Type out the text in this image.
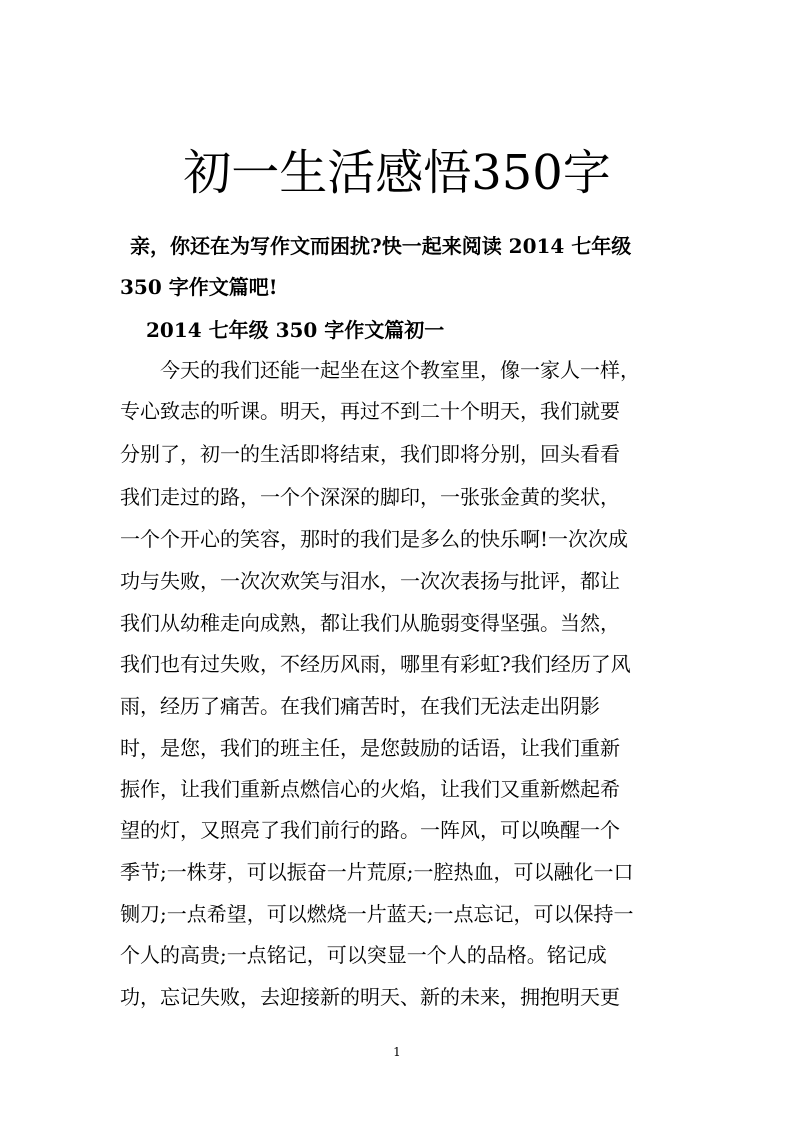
初一生活感悟350字
亲，你还在为写作文而困扰?快一起来阅读 2014 七年级
350 字作文篇吧!
2014 七年级 350 字作文篇初一
今天的我们还能一起坐在这个教室里，像一家人一样，
专心致志的听课。明天，再过不到二十个明天，我们就要
分别了，初一的生活即将结束，我们即将分别，回头看看
我们走过的路，一个个深深的脚印，一张张金黄的奖状，
一个个开心的笑容，那时的我们是多么的快乐啊!一次次成
功与失败，一次次欢笑与泪水，一次次表扬与批评，都让
我们从幼稚走向成熟，都让我们从脆弱变得坚强。当然，
我们也有过失败，不经历风雨，哪里有彩虹?我们经历了风
雨，经历了痛苦。在我们痛苦时，在我们无法走出阴影
时，是您，我们的班主任，是您鼓励的话语，让我们重新
振作，让我们重新点燃信心的火焰，让我们又重新燃起希
望的灯，又照亮了我们前行的路。一阵风，可以唤醒一个
季节;一株芽，可以振奋一片荒原;一腔热血，可以融化一口
铡刀;一点希望，可以燃烧一片蓝天;一点忘记，可以保持一
个人的高贵;一点铭记，可以突显一个人的品格。铭记成
功，忘记失败，去迎接新的明天、新的未来，拥抱明天更
1
